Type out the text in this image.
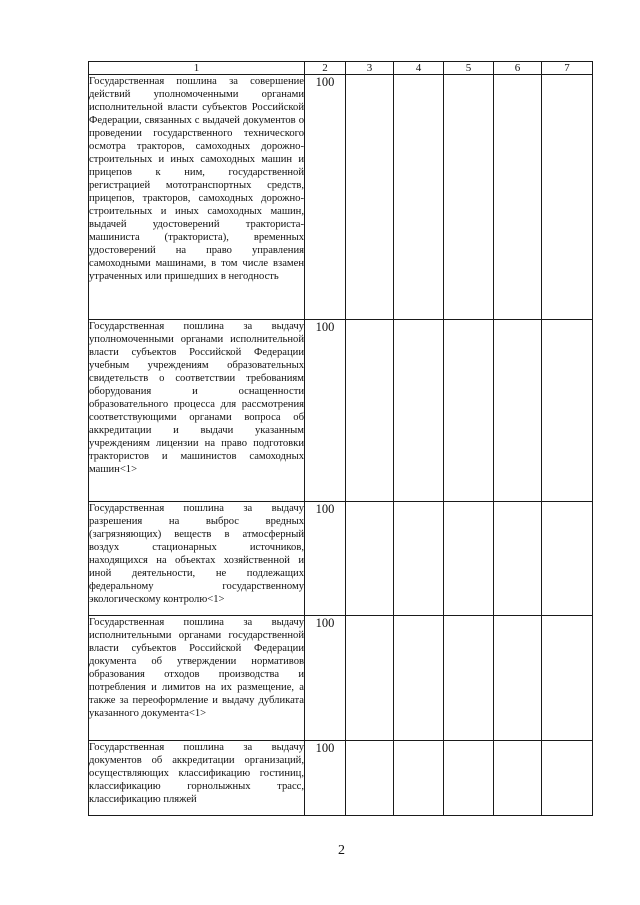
1	2	3	4	5	6	7
Государственная пошлина за совершение действий уполномоченными органами исполнительной власти субъектов Российской Федерации, связанных с выдачей документов о проведении государственного технического осмотра тракторов, самоходных дорожно-строительных и иных самоходных машин и прицепов к ним, государственной регистрацией мототранспортных средств, прицепов, тракторов, самоходных дорожно-строительных и иных самоходных машин, выдачей удостоверений тракториста-машиниста (тракториста), временных удостоверений на право управления самоходными машинами, в том числе взамен утраченных или пришедших в негодность	100					
Государственная пошлина за выдачу уполномоченными органами исполнительной власти субъектов Российской Федерации учебным учреждениям образовательных свидетельств о соответствии требованиям оборудования и оснащенности образовательного процесса для рассмотрения соответствующими органами вопроса об аккредитации и выдачи указанным учреждениям лицензии на право подготовки трактористов и машинистов самоходных машин<1>	100					
Государственная пошлина за выдачу разрешения на выброс вредных (загрязняющих) веществ в атмосферный воздух стационарных источников, находящихся на объектах хозяйственной и иной деятельности, не подлежащих федеральному государственному экологическому контролю<1>	100					
Государственная пошлина за выдачу исполнительными органами государственной власти субъектов Российской Федерации документа об утверждении нормативов образования отходов производства и потребления и лимитов на их размещение, а также за переоформление и выдачу дубликата указанного документа<1>	100					
Государственная пошлина за выдачу документов об аккредитации организаций, осуществляющих классификацию гостиниц, классификацию горнолыжных трасс, классификацию пляжей	100					
2
